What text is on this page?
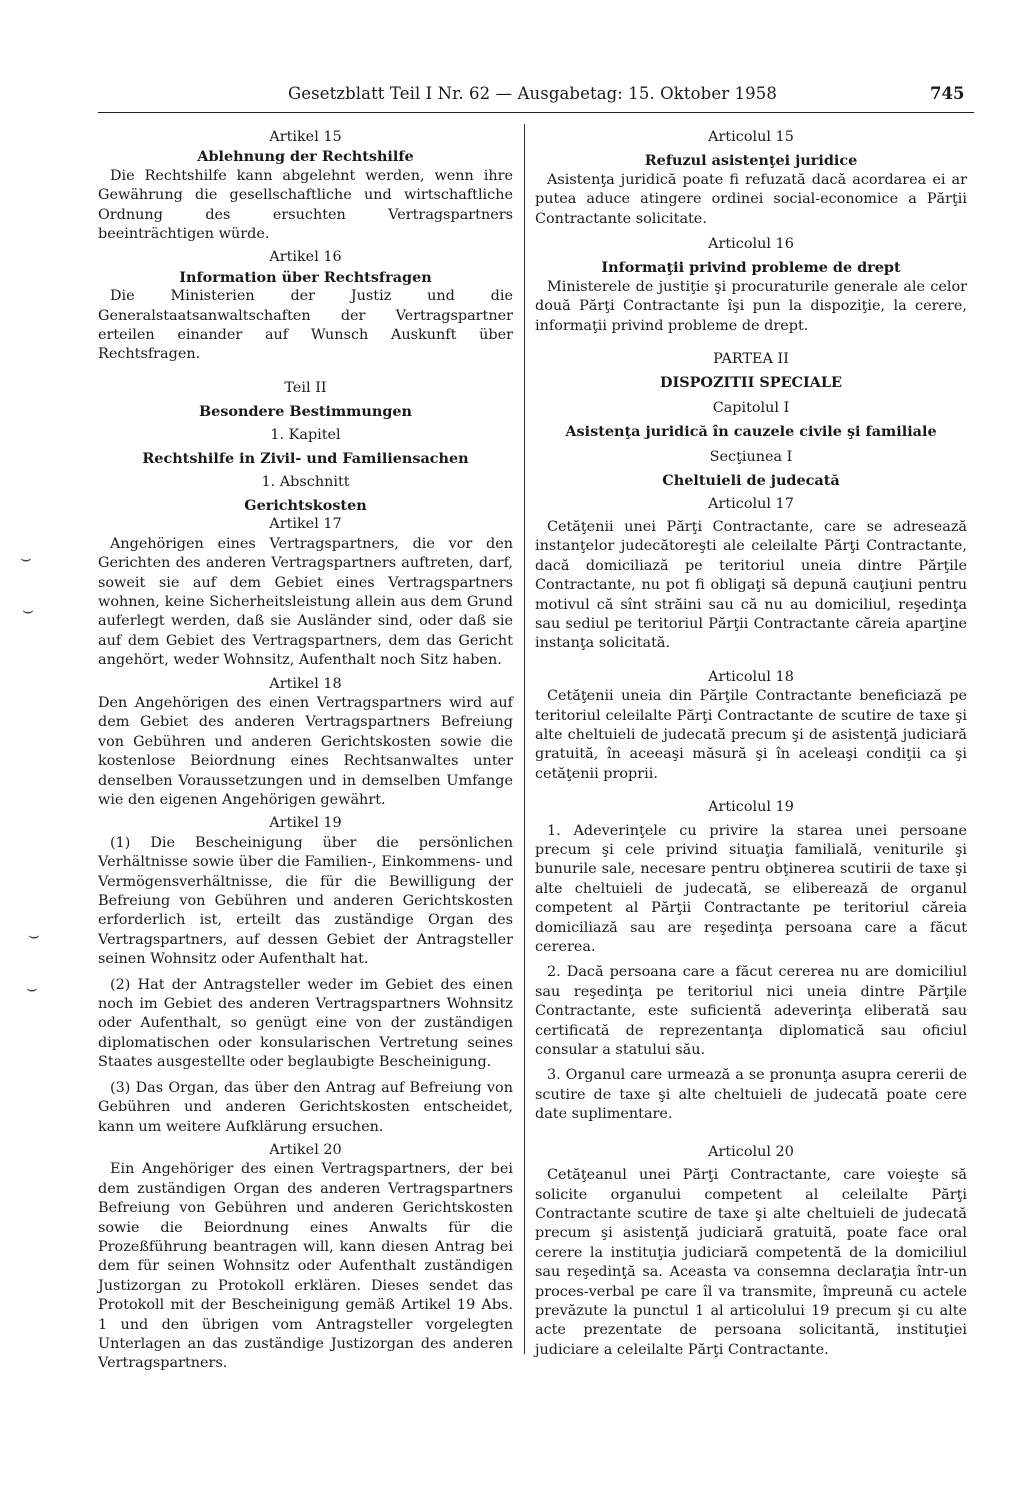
Gesetzblatt Teil I Nr. 62 — Ausgabetag: 15. Oktober 1958	745
⌣
⌣
⌣
⌣
Artikel 15
Ablehnung der Rechtshilfe

Die Rechtshilfe kann abgelehnt werden, wenn ihre Gewährung die gesellschaftliche und wirtschaftliche Ordnung des ersuchten Vertragspartners beeinträchtigen würde.

Artikel 16
Information über Rechtsfragen

Die Ministerien der Justiz und die Generalstaatsanwaltschaften der Vertragspartner erteilen einander auf Wunsch Auskunft über Rechtsfragen.

Teil II
Besondere Bestimmungen
1. Kapitel
Rechtshilfe in Zivil- und Familiensachen
1. Abschnitt
Gerichtskosten
Artikel 17

Angehörigen eines Vertragspartners, die vor den Gerichten des anderen Vertragspartners auftreten, darf, soweit sie auf dem Gebiet eines Vertragspartners wohnen, keine Sicherheitsleistung allein aus dem Grund auferlegt werden, daß sie Ausländer sind, oder daß sie auf dem Gebiet des Vertragspartners, dem das Gericht angehört, weder Wohnsitz, Aufenthalt noch Sitz haben.

Artikel 18

Den Angehörigen des einen Vertragspartners wird auf dem Gebiet des anderen Vertragspartners Befreiung von Gebühren und anderen Gerichtskosten sowie die kostenlose Beiordnung eines Rechtsanwaltes unter denselben Voraussetzungen und in demselben Umfange wie den eigenen Angehörigen gewährt.

Artikel 19

(1) Die Bescheinigung über die persönlichen Verhältnisse sowie über die Familien-, Einkommens- und Vermögensverhältnisse, die für die Bewilligung der Befreiung von Gebühren und anderen Gerichtskosten erforderlich ist, erteilt das zuständige Organ des Vertragspartners, auf dessen Gebiet der Antragsteller seinen Wohnsitz oder Aufenthalt hat.

(2) Hat der Antragsteller weder im Gebiet des einen noch im Gebiet des anderen Vertragspartners Wohnsitz oder Aufenthalt, so genügt eine von der zuständigen diplomatischen oder konsularischen Vertretung seines Staates ausgestellte oder beglaubigte Bescheinigung.

(3) Das Organ, das über den Antrag auf Befreiung von Gebühren und anderen Gerichtskosten entscheidet, kann um weitere Aufklärung ersuchen.

Artikel 20

Ein Angehöriger des einen Vertragspartners, der bei dem zuständigen Organ des anderen Vertragspartners Befreiung von Gebühren und anderen Gerichtskosten sowie die Beiordnung eines Anwalts für die Prozeßführung beantragen will, kann diesen Antrag bei dem für seinen Wohnsitz oder Aufenthalt zuständigen Justizorgan zu Protokoll erklären. Dieses sendet das Protokoll mit der Bescheinigung gemäß Artikel 19 Abs. 1 und den übrigen vom Antragsteller vorgelegten Unterlagen an das zuständige Justizorgan des anderen Vertragspartners.

Articolul 15
Refuzul asistenţei juridice

Asistenţa juridică poate fi refuzată dacă acordarea ei ar putea aduce atingere ordinei social-economice a Părţii Contractante solicitate.

Articolul 16
Informaţii privind probleme de drept

Ministerele de justiţie şi procuraturile generale ale celor două Părţi Contractante îşi pun la dispoziţie, la cerere, informaţii privind probleme de drept.

PARTEA II
DISPOZITII SPECIALE
Capitolul I
Asistenţa juridică în cauzele civile şi familiale
Secţiunea I
Cheltuieli de judecată
Articolul 17

Cetăţenii unei Părţi Contractante, care se adresează instanţelor judecătoreşti ale celeilalte Părţi Contractante, dacă domiciliază pe teritoriul uneia dintre Părţile Contractante, nu pot fi obligaţi să depună cauţiuni pentru motivul că sînt străini sau că nu au domiciliul, reşedinţa sau sediul pe teritoriul Părţii Contractante căreia aparţine instanţa solicitată.

Articolul 18

Cetăţenii uneia din Părţile Contractante beneficiază pe teritoriul celeilalte Părţi Contractante de scutire de taxe şi alte cheltuieli de judecată precum şi de asistenţă judiciară gratuită, în aceeaşi măsură şi în aceleaşi condiţii ca şi cetăţenii proprii.

Articolul 19

1. Adeverinţele cu privire la starea unei persoane precum şi cele privind situaţia familială, veniturile şi bunurile sale, necesare pentru obţinerea scutirii de taxe şi alte cheltuieli de judecată, se eliberează de organul competent al Părţii Contractante pe teritoriul căreia domiciliază sau are reşedinţa persoana care a făcut cererea.

2. Dacă persoana care a făcut cererea nu are domiciliul sau reşedinţa pe teritoriul nici uneia dintre Părţile Contractante, este suficientă adeverinţa eliberată sau certificată de reprezentanţa diplomatică sau oficiul consular a statului său.

3. Organul care urmează a se pronunţa asupra cererii de scutire de taxe şi alte cheltuieli de judecată poate cere date suplimentare.

Articolul 20

Cetăţeanul unei Părţi Contractante, care voieşte să solicite organului competent al celeilalte Părţi Contractante scutire de taxe şi alte cheltuieli de judecată precum şi asistenţă judiciară gratuită, poate face oral cerere la instituţia judiciară competentă de la domiciliul sau reşedinţă sa. Aceasta va consemna declaraţia într-un proces-verbal pe care îl va transmite, împreună cu actele prevăzute la punctul 1 al articolului 19 precum şi cu alte acte prezentate de persoana solicitantă, instituţiei judiciare a celeilalte Părţi Contractante.
